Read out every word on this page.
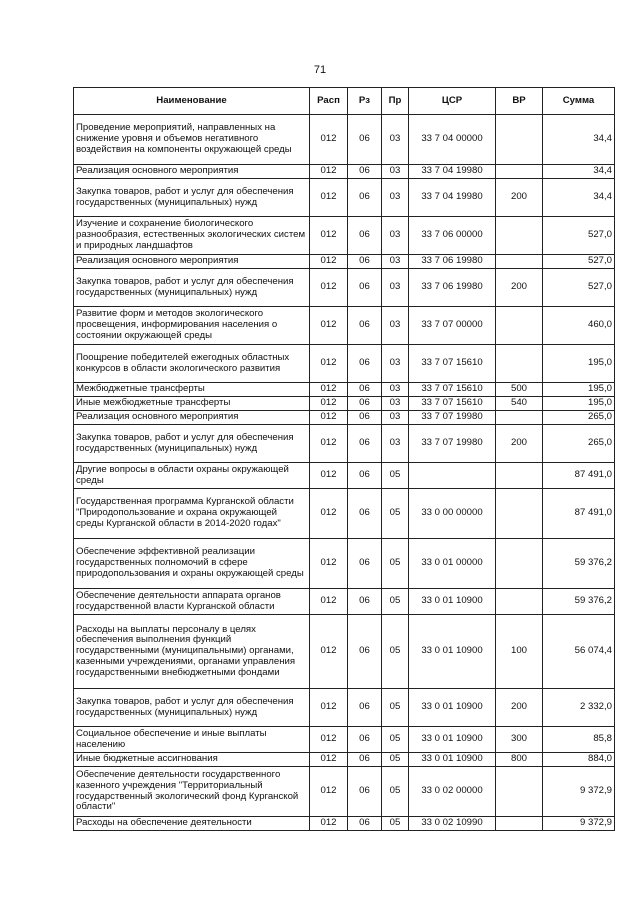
71
Наименование	Расп	Рз	Пр	ЦСР	ВР	Сумма
Проведение мероприятий, направленных на снижение уровня и объемов негативного воздействия на компоненты окружающей среды	012	06	03	33 7 04 00000		34,4
Реализация основного мероприятия	012	06	03	33 7 04 19980		34,4
Закупка товаров, работ и услуг для обеспечения государственных (муниципальных) нужд	012	06	03	33 7 04 19980	200	34,4
Изучение и сохранение биологического разнообразия, естественных экологических систем и природных ландшафтов	012	06	03	33 7 06 00000		527,0
Реализация основного мероприятия	012	06	03	33 7 06 19980		527,0
Закупка товаров, работ и услуг для обеспечения государственных (муниципальных) нужд	012	06	03	33 7 06 19980	200	527,0
Развитие форм и методов экологического просвещения, информирования населения о состоянии окружающей среды	012	06	03	33 7 07 00000		460,0
Поощрение победителей ежегодных областных конкурсов в области экологического развития	012	06	03	33 7 07 15610		195,0
Межбюджетные трансферты	012	06	03	33 7 07 15610	500	195,0
Иные межбюджетные трансферты	012	06	03	33 7 07 15610	540	195,0
Реализация основного мероприятия	012	06	03	33 7 07 19980		265,0
Закупка товаров, работ и услуг для обеспечения государственных (муниципальных) нужд	012	06	03	33 7 07 19980	200	265,0
Другие вопросы в области охраны окружающей среды	012	06	05			87 491,0
Государственная программа Курганской области "Природопользование и охрана окружающей среды Курганской области в 2014-2020 годах"	012	06	05	33 0 00 00000		87 491,0
Обеспечение эффективной реализации государственных полномочий в сфере природопользования и охраны окружающей среды	012	06	05	33 0 01 00000		59 376,2
Обеспечение деятельности аппарата органов государственной власти Курганской области	012	06	05	33 0 01 10900		59 376,2
Расходы на выплаты персоналу в целях обеспечения выполнения функций государственными (муниципальными) органами, казенными учреждениями, органами управления государственными внебюджетными фондами	012	06	05	33 0 01 10900	100	56 074,4
Закупка товаров, работ и услуг для обеспечения государственных (муниципальных) нужд	012	06	05	33 0 01 10900	200	2 332,0
Социальное обеспечение и иные выплаты населению	012	06	05	33 0 01 10900	300	85,8
Иные бюджетные ассигнования	012	06	05	33 0 01 10900	800	884,0
Обеспечение деятельности государственного казенного учреждения "Территориальный государственный экологический фонд Курганской области"	012	06	05	33 0 02 00000		9 372,9
Расходы на обеспечение деятельности	012	06	05	33 0 02 10990		9 372,9
